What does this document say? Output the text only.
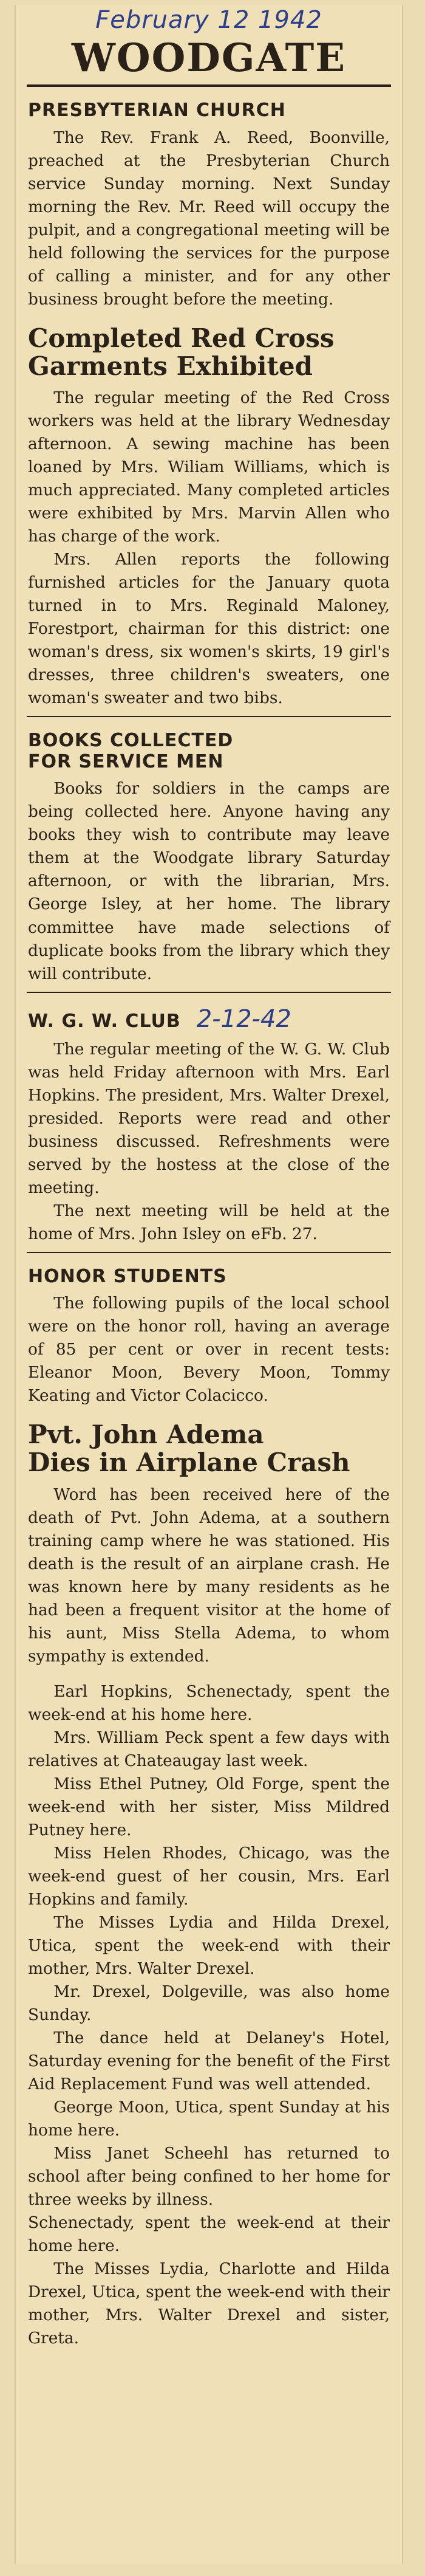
February 12 1942
WOODGATE
PRESBYTERIAN CHURCH

The Rev. Frank A. Reed, Boonville, preached at the Presbyterian Church service Sunday morning. Next Sunday morning the Rev. Mr. Reed will occupy the pulpit, and a congregational meeting will be held following the services for the purpose of calling a minister, and for any other business brought before the meeting.

Completed Red Cross
Garments Exhibited

The regular meeting of the Red Cross workers was held at the library Wednesday afternoon. A sewing machine has been loaned by Mrs. Wiliam Williams, which is much appreciated. Many completed articles were exhibited by Mrs. Marvin Allen who has charge of the work.

Mrs. Allen reports the following furnished articles for the January quota turned in to Mrs. Reginald Maloney, Forestport, chairman for this district: one woman's dress, six women's skirts, 19 girl's dresses, three children's sweaters, one woman's sweater and two bibs.

BOOKS COLLECTED
FOR SERVICE MEN

Books for soldiers in the camps are being collected here. Anyone having any books they wish to contribute may leave them at the Woodgate library Saturday afternoon, or with the librarian, Mrs. George Isley, at her home. The library committee have made selections of duplicate books from the library which they will contribute.

W. G. W. CLUB 2-12-42

The regular meeting of the W. G. W. Club was held Friday afternoon with Mrs. Earl Hopkins. The president, Mrs. Walter Drexel, presided. Reports were read and other business discussed. Refreshments were served by the hostess at the close of the meeting.

The next meeting will be held at the home of Mrs. John Isley on eFb. 27.

HONOR STUDENTS

The following pupils of the local school were on the honor roll, having an average of 85 per cent or over in recent tests: Eleanor Moon, Bevery Moon, Tommy Keating and Victor Colacicco.

Pvt. John Adema
Dies in Airplane Crash

Word has been received here of the death of Pvt. John Adema, at a southern training camp where he was stationed. His death is the result of an airplane crash. He was known here by many residents as he had been a frequent visitor at the home of his aunt, Miss Stella Adema, to whom sympathy is extended.

Earl Hopkins, Schenectady, spent the week-end at his home here.

Mrs. William Peck spent a few days with relatives at Chateaugay last week.

Miss Ethel Putney, Old Forge, spent the week-end with her sister, Miss Mildred Putney here.

Miss Helen Rhodes, Chicago, was the week-end guest of her cousin, Mrs. Earl Hopkins and family.

The Misses Lydia and Hilda Drexel, Utica, spent the week-end with their mother, Mrs. Walter Drexel.

Mr. Drexel, Dolgeville, was also home Sunday.

The dance held at Delaney's Hotel, Saturday evening for the benefit of the First Aid Replacement Fund was well attended.

George Moon, Utica, spent Sunday at his home here.

Miss Janet Scheehl has returned to school after being confined to her home for three weeks by illness.

Schenectady, spent the week-end at their home here.

The Misses Lydia, Charlotte and Hilda Drexel, Utica, spent the week-end with their mother, Mrs. Walter Drexel and sister, Greta.
